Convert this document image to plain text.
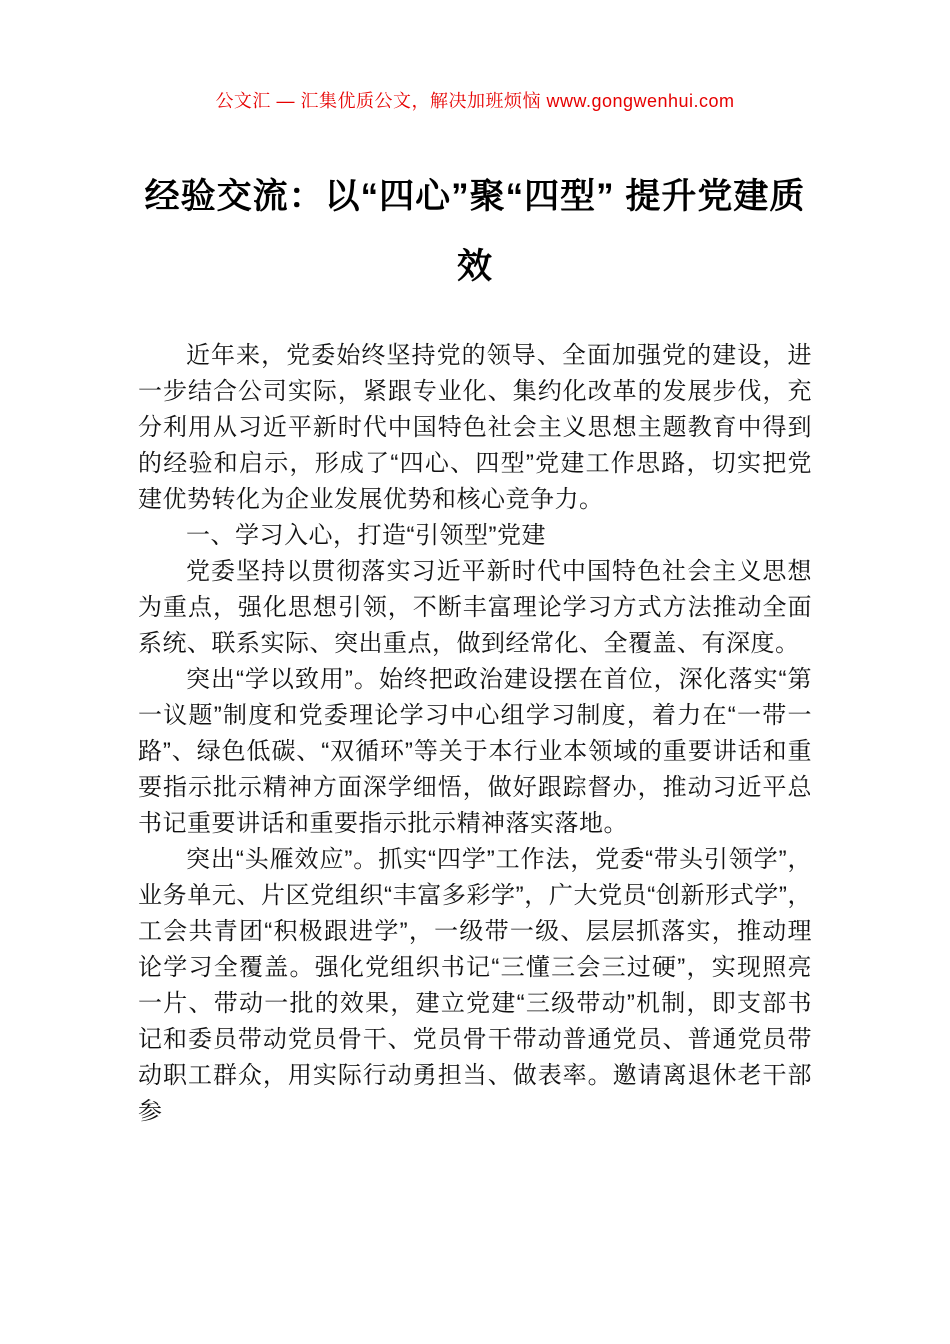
公文汇 — 汇集优质公文，解决加班烦恼 www.gongwenhui.com
经验交流：以“四心”聚“四型” 提升党建质效

近年来，党委始终坚持党的领导、全面加强党的建设，进一步结合公司实际，紧跟专业化、集约化改革的发展步伐，充分利用从习近平新时代中国特色社会主义思想主题教育中得到的经验和启示，形成了“四心、四型”党建工作思路，切实把党建优势转化为企业发展优势和核心竞争力。

一、学习入心，打造“引领型”党建

党委坚持以贯彻落实习近平新时代中国特色社会主义思想为重点，强化思想引领，不断丰富理论学习方式方法推动全面系统、联系实际、突出重点，做到经常化、全覆盖、有深度。

突出“学以致用”。始终把政治建设摆在首位，深化落实“第一议题”制度和党委理论学习中心组学习制度，着力在“一带一路”、绿色低碳、“双循环”等关于本行业本领域的重要讲话和重要指示批示精神方面深学细悟，做好跟踪督办，推动习近平总书记重要讲话和重要指示批示精神落实落地。

突出“头雁效应”。抓实“四学”工作法，党委“带头引领学”，业务单元、片区党组织“丰富多彩学”，广大党员“创新形式学”，工会共青团“积极跟进学”，一级带一级、层层抓落实，推动理论学习全覆盖。强化党组织书记“三懂三会三过硬”，实现照亮一片、带动一批的效果，建立党建“三级带动”机制，即支部书记和委员带动党员骨干、党员骨干带动普通党员、普通党员带动职工群众，用实际行动勇担当、做表率。邀请离退休老干部参
